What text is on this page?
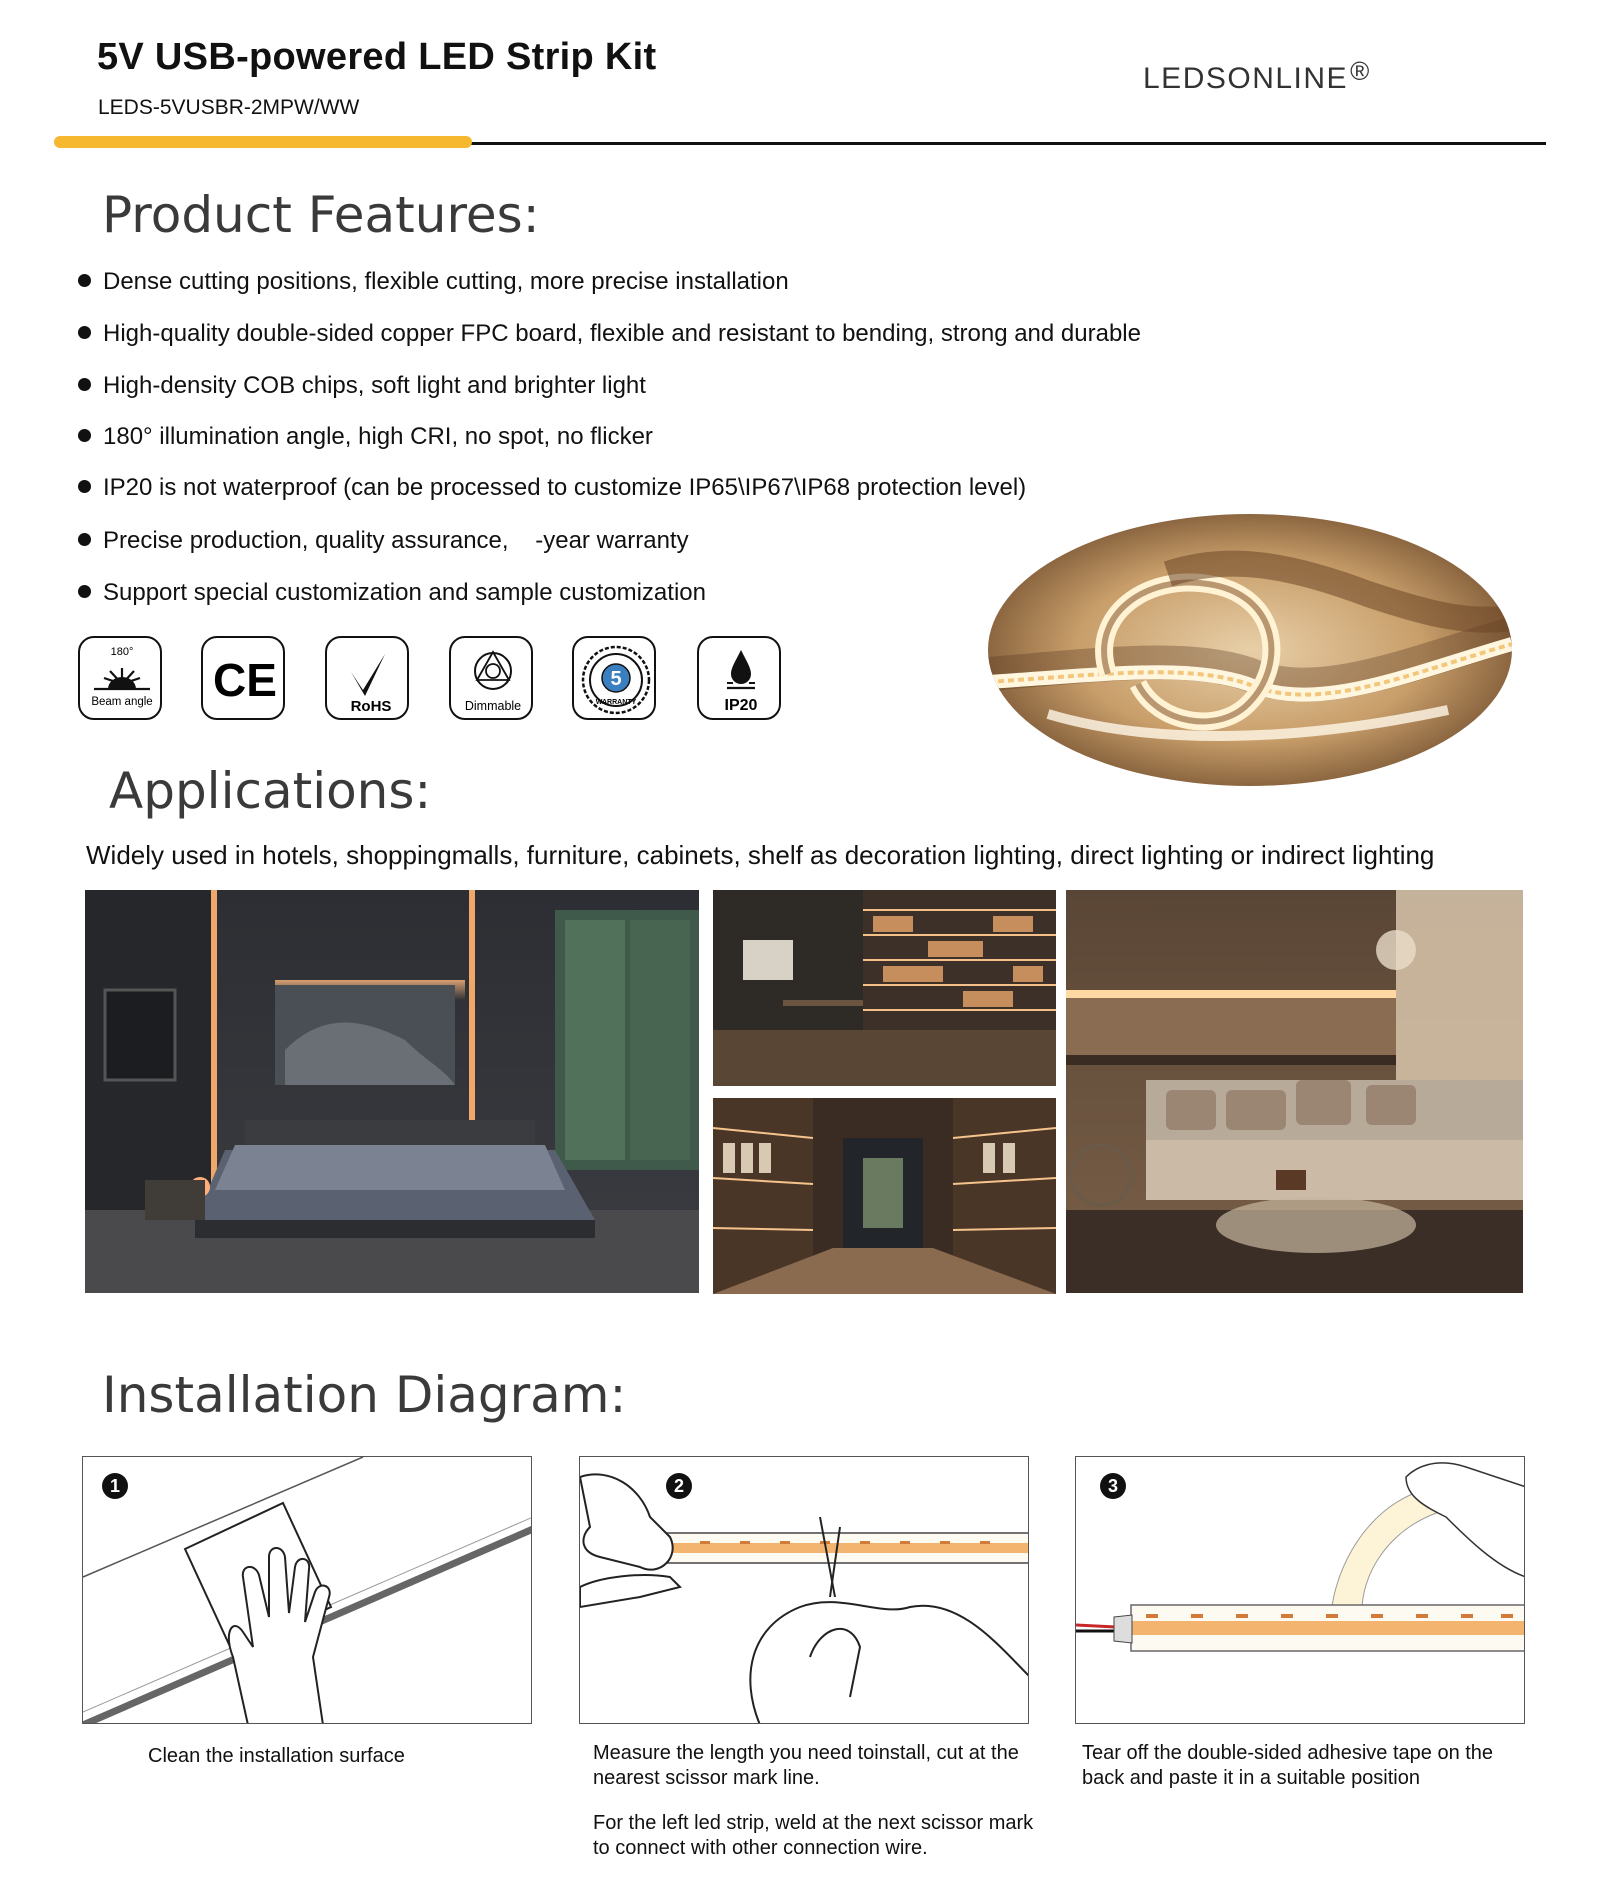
5V USB-powered LED Strip Kit
LEDS-5VUSBR-2MPW/WW
LEDSONLINE®
Product Features:
Dense cutting positions, flexible cutting, more precise installation
High-quality double-sided copper FPC board, flexible and resistant to bending, strong and durable
High-density COB chips, soft light and brighter light
180° illumination angle, high CRI, no spot, no flicker
IP20 is not waterproof (can be processed to customize IP65\IP67\IP68 protection level)
Precise production, quality assurance,    -year warranty
Support special customization and sample customization
180°
Beam angle CE
RoHS	Dimmable
5
WARRANTY	IP20
Applications:
Widely used in hotels, shoppingmalls, furniture, cabinets, shelf as decoration lighting, direct lighting or indirect lighting
Installation Diagram:
1
Clean the installation surface
2
Measure the length you need toinstall, cut at the nearest scissor mark line.
For the left led strip, weld at the next scissor mark to connect with other connection wire.
3
Tear off the double-sided adhesive tape on the back and paste it in a suitable position
